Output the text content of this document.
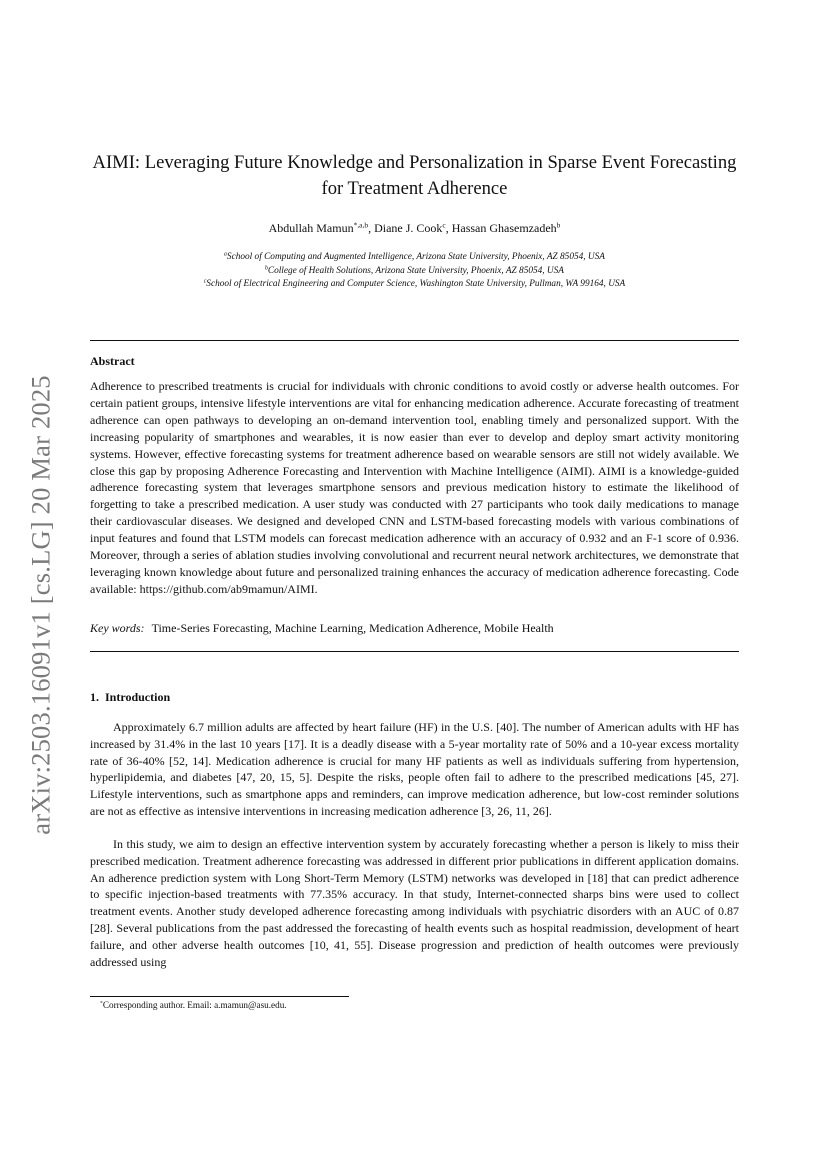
arXiv:2503.16091v1 [cs.LG] 20 Mar 2025
AIMI: Leveraging Future Knowledge and Personalization in Sparse Event Forecasting for Treatment Adherence
Abdullah Mamun$^{*,a,b}$, Diane J. Cook$^c$, Hassan Ghasemzadeh$^b$
$^a$School of Computing and Augmented Intelligence, Arizona State University, Phoenix, AZ 85054, USA
$^b$College of Health Solutions, Arizona State University, Phoenix, AZ 85054, USA
$^c$School of Electrical Engineering and Computer Science, Washington State University, Pullman, WA 99164, USA
Abstract
Adherence to prescribed treatments is crucial for individuals with chronic conditions to avoid costly or adverse health outcomes. For certain patient groups, intensive lifestyle interventions are vital for enhancing medication adherence. Accurate forecasting of treatment adherence can open pathways to developing an on-demand intervention tool, enabling timely and personalized support. With the increasing popularity of smartphones and wearables, it is now easier than ever to develop and deploy smart activity monitoring systems. However, effective forecasting systems for treatment adherence based on wearable sensors are still not widely available. We close this gap by proposing Adherence Forecasting and Intervention with Machine Intelligence (AIMI). AIMI is a knowledge-guided adherence forecasting system that leverages smartphone sensors and previous medication history to estimate the likelihood of forgetting to take a prescribed medication. A user study was conducted with 27 participants who took daily medications to manage their cardiovascular diseases. We designed and developed CNN and LSTM-based forecasting models with various combinations of input features and found that LSTM models can forecast medication adherence with an accuracy of 0.932 and an F-1 score of 0.936. Moreover, through a series of ablation studies involving convolutional and recurrent neural network architectures, we demonstrate that leveraging known knowledge about future and personalized training enhances the accuracy of medication adherence forecasting. Code available: https://github.com/ab9mamun/AIMI.
Key words: Time-Series Forecasting, Machine Learning, Medication Adherence, Mobile Health
1. Introduction
Approximately 6.7 million adults are affected by heart failure (HF) in the U.S. [40]. The number of American adults with HF has increased by 31.4% in the last 10 years [17]. It is a deadly disease with a 5-year mortality rate of 50% and a 10-year excess mortality rate of 36-40% [52, 14]. Medication adherence is crucial for many HF patients as well as individuals suffering from hypertension, hyperlipidemia, and diabetes [47, 20, 15, 5]. Despite the risks, people often fail to adhere to the prescribed medications [45, 27]. Lifestyle interventions, such as smartphone apps and reminders, can improve medication adherence, but low-cost reminder solutions are not as effective as intensive interventions in increasing medication adherence [3, 26, 11, 26].
In this study, we aim to design an effective intervention system by accurately forecasting whether a person is likely to miss their prescribed medication. Treatment adherence forecasting was addressed in different prior publications in different application domains. An adherence prediction system with Long Short-Term Memory (LSTM) networks was developed in [18] that can predict adherence to specific injection-based treatments with 77.35% accuracy. In that study, Internet-connected sharps bins were used to collect treatment events. Another study developed adherence forecasting among individuals with psychiatric disorders with an AUC of 0.87 [28]. Several publications from the past addressed the forecasting of health events such as hospital readmission, development of heart failure, and other adverse health outcomes [10, 41, 55]. Disease progression and prediction of health outcomes were previously addressed using
*Corresponding author. Email: a.mamun@asu.edu.
